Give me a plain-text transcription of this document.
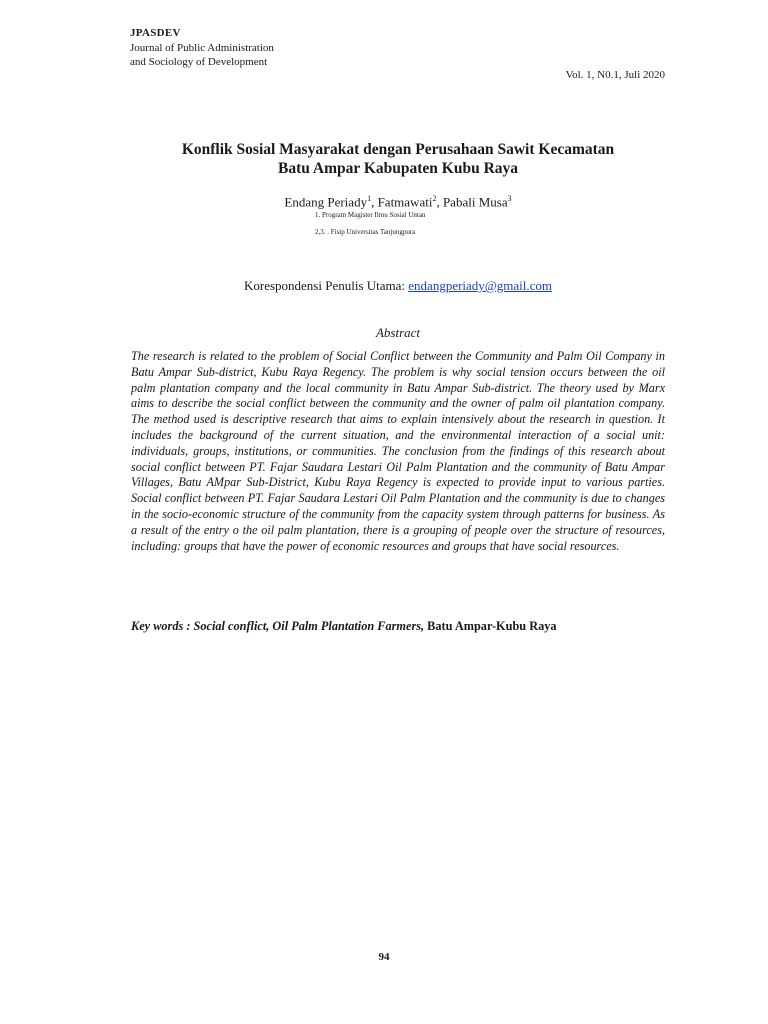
JPASDEV
Journal of Public Administration
and Sociology of Development
Vol. 1, N0.1, Juli 2020
Konflik Sosial Masyarakat dengan Perusahaan Sawit Kecamatan
Batu Ampar Kabupaten Kubu Raya
Endang Periady$^1$, Fatmawati$^2$, Pabali Musa$^3$
1. Program Magister Ilmu Sosial Untan
2,3. . Fisip Universitas Tanjungpura
Korespondensi Penulis Utama: endangperiady@gmail.com
Abstract
The research is related to the problem of Social Conflict between the Community and Palm Oil Company in Batu Ampar Sub-district, Kubu Raya Regency. The problem is why social tension occurs between the oil palm plantation company and the local community in Batu Ampar Sub-district. The theory used by Marx aims to describe the social conflict between the community and the owner of palm oil plantation company. The method used is descriptive research that aims to explain intensively about the research in question. It includes the background of the current situation, and the environmental interaction of a social unit: individuals, groups, institutions, or communities. The conclusion from the findings of this research about social conflict between PT. Fajar Saudara Lestari Oil Palm Plantation and the community of Batu Ampar Villages, Batu AMpar Sub-District, Kubu Raya Regency is expected to provide input to various parties. Social conflict between PT. Fajar Saudara Lestari Oil Palm Plantation and the community is due to changes in the socio-economic structure of the community from the capacity system through patterns for business. As a result of the entry o the oil palm plantation, there is a grouping of people over the structure of resources, including: groups that have the power of economic resources and groups that have social resources.
Key words : Social conflict, Oil Palm Plantation Farmers, Batu Ampar-Kubu Raya
94
